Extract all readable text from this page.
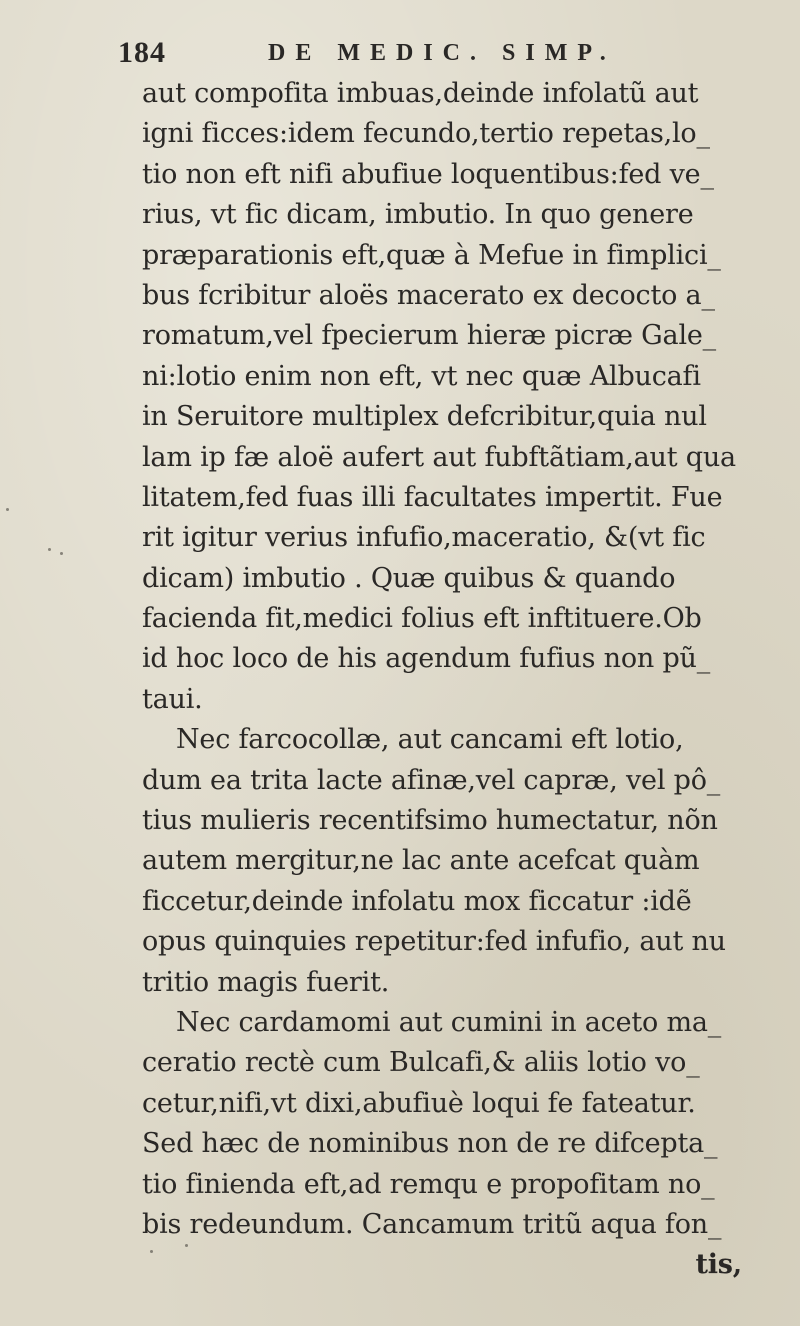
184	DE MEDIC. SIMP.
aut compofita imbuas,deinde infolatũ aut
igni ficces:idem fecundo,tertio repetas,lo_
tio non eft nifi abufiue loquentibus:fed ve_
rius, vt fic dicam, imbutio. In quo genere
præparationis eft,quæ à Mefue in fimplici_
bus fcribitur aloës macerato ex decocto a_
romatum,vel fpecierum hieræ picræ Gale_
ni:lotio enim non eft, vt nec quæ Albucafi
in Seruitore multiplex defcribitur,quia nul
lam ip fæ aloë aufert aut fubftãtiam,aut qua
litatem,fed fuas illi facultates impertit. Fue
rit igitur verius infufio,maceratio, &(vt fic
dicam) imbutio . Quæ quibus & quando
facienda fit,medici folius eft inftituere.Ob
id hoc loco de his agendum fufius non pũ_
taui.
Nec farcocollæ, aut cancami eft lotio,
dum ea trita lacte afinæ,vel capræ, vel pô_
tius mulieris recentifsimo humectatur, nõn
autem mergitur,ne lac ante acefcat quàm
ficcetur,deinde infolatu mox ficcatur :idẽ
opus quinquies repetitur:fed infufio, aut nu
tritio magis fuerit.
Nec cardamomi aut cumini in aceto ma_
ceratio rectè cum Bulcafi,& aliis lotio vo_
cetur,nifi,vt dixi,abufiuè loqui fe fateatur.
Sed hæc de nominibus non de re difcepta_
tio finienda eft,ad remqu e propofitam no_
bis redeundum. Cancamum tritũ aqua fon_
tis,
